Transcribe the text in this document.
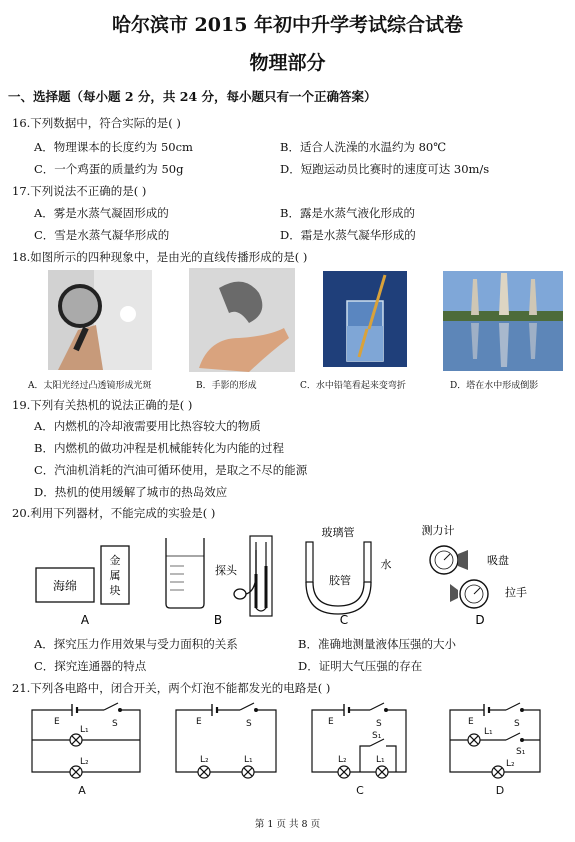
哈尔滨市 2015 年初中升学考试综合试卷
物理部分
一、选择题（每小题 2 分，共 24 分，每小题只有一个正确答案）
16.下列数据中，符合实际的是( )
A．物理课本的长度约为 50cm	B．适合人洗澡的水温约为 80℃
C．一个鸡蛋的质量约为 50g	D．短跑运动员比赛时的速度可达 30m/s
17.下列说法不正确的是( )
A．雾是水蒸气凝固形成的	B．露是水蒸气液化形成的
C．雪是水蒸气凝华形成的	D．霜是水蒸气凝华形成的
18.如图所示的四种现象中，是由光的直线传播形成的是( )
A．太阳光经过凸透镜形成光斑	B．手影的形成	C．水中铅笔看起来变弯折	D．塔在水中形成倒影
19.下列有关热机的说法正确的是( )
A．内燃机的冷却液需要用比热容较大的物质
B．内燃机的做功冲程是机械能转化为内能的过程
C．汽油机消耗的汽油可循环使用，是取之不尽的能源
D．热机的使用缓解了城市的热岛效应
20.利用下列器材，不能完成的实验是( )
海绵
金
属
块
A
探头
B
玻璃管
水
胶管
C
测力计
吸盘
拉手
D
A．探究压力作用效果与受力面积的关系	B．准确地测量液体压强的大小
C．探究连通器的特点	D．证明大气压强的存在
21.下列各电路中，闭合开关，两个灯泡不能都发光的电路是( )
E	S
L₁
L₂
A
E	S
L₂	L₁
E	S
S₁
L₂	L₁
C
E	S
L₁
S₁
L₂
D
第 1 页 共 8 页
